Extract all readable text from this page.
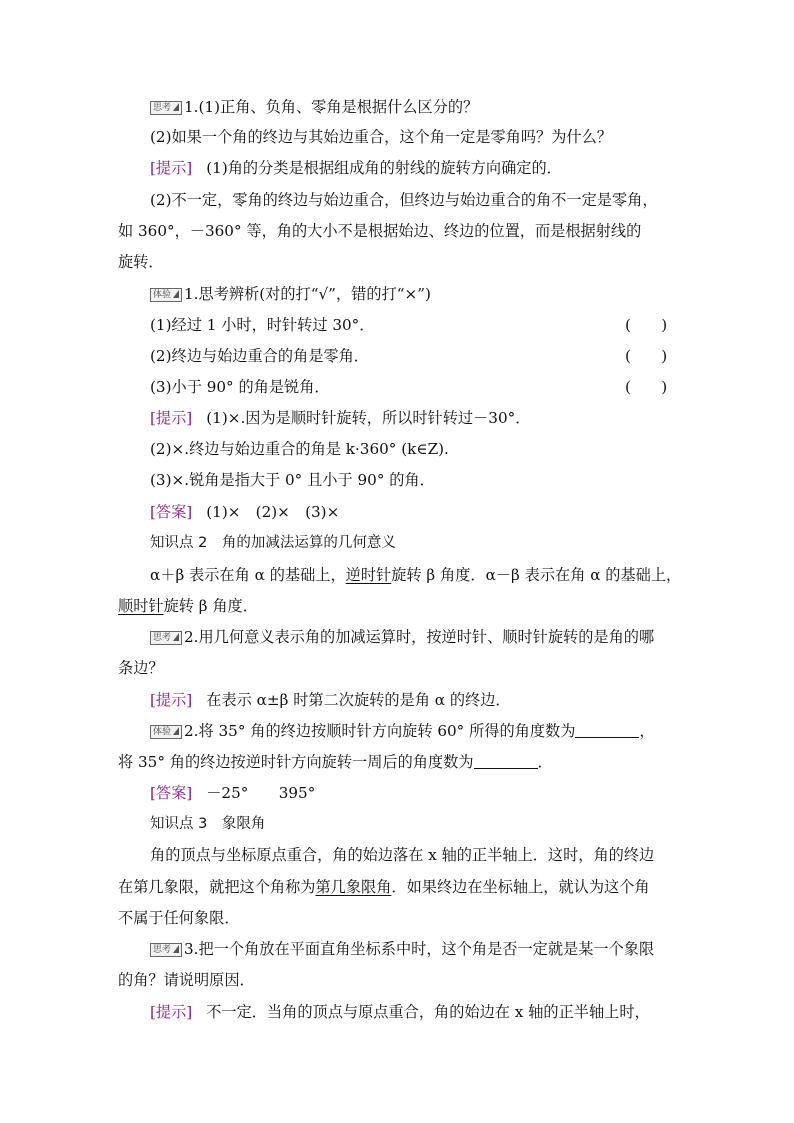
思考 1.(1)正角、负角、零角是根据什么区分的？
(2)如果一个角的终边与其始边重合，这个角一定是零角吗？为什么？
[提示] (1)角的分类是根据组成角的射线的旋转方向确定的．
(2)不一定，零角的终边与始边重合，但终边与始边重合的角不一定是零角，
如 360°，－360° 等，角的大小不是根据始边、终边的位置，而是根据射线的
旋转．
体验 1.思考辨析(对的打“√”，错的打“×”)
(1)经过 1 小时，时针转过 30°．	(　　)
(2)终边与始边重合的角是零角．	(　　)
(3)小于 90° 的角是锐角．	(　　)
[提示] (1)×.因为是顺时针旋转，所以时针转过－30°．
(2)×.终边与始边重合的角是 k·360° (k∈Z).
(3)×.锐角是指大于 0° 且小于 90° 的角．
[答案] (1)×　(2)×　(3)×
知识点 2　角的加减法运算的几何意义
α＋β 表示在角 α 的基础上，逆时针旋转 β 角度．α－β 表示在角 α 的基础上，
顺时针旋转 β 角度．
思考 2.用几何意义表示角的加减运算时，按逆时针、顺时针旋转的是角的哪
条边？
[提示] 在表示 α±β 时第二次旋转的是角 α 的终边．
体验 2.将 35° 角的终边按顺时针方向旋转 60° 所得的角度数为	，
将 35° 角的终边按逆时针方向旋转一周后的角度数为	．
[答案] －25°　　395°
知识点 3　象限角
角的顶点与坐标原点重合，角的始边落在 x 轴的正半轴上．这时，角的终边
在第几象限，就把这个角称为第几象限角．如果终边在坐标轴上，就认为这个角
不属于任何象限．
思考 3.把一个角放在平面直角坐标系中时，这个角是否一定就是某一个象限
的角？请说明原因．
[提示] 不一定．当角的顶点与原点重合，角的始边在 x 轴的正半轴上时，
